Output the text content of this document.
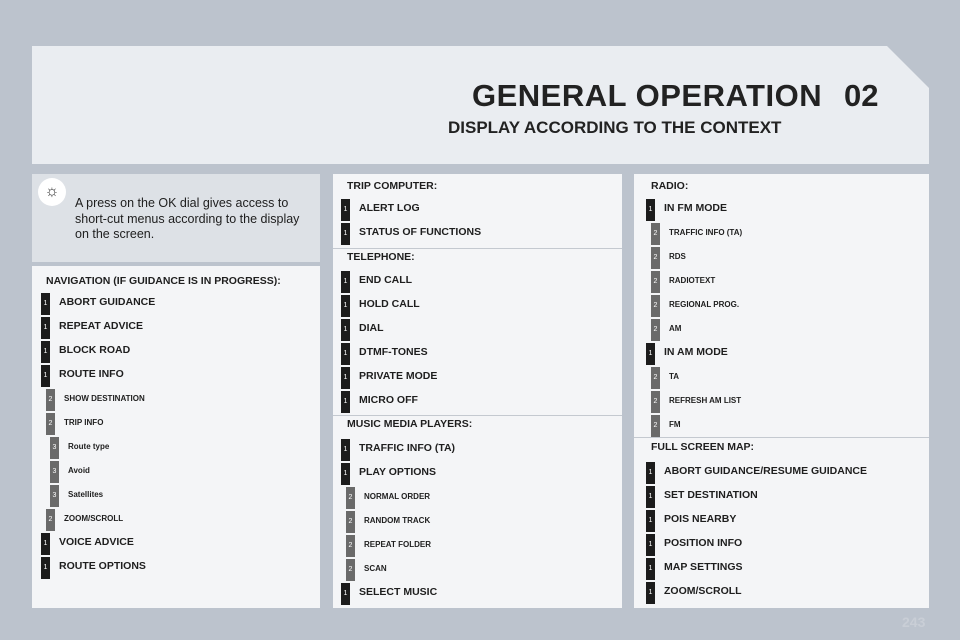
GENERAL OPERATION 02
DISPLAY ACCORDING TO THE CONTEXT
☼
A press on the OK dial gives access to short-cut menus according to the display on the screen.
NAVIGATION (IF GUIDANCE IS IN PROGRESS):
1 ABORT GUIDANCE
1 REPEAT ADVICE
1 BLOCK ROAD
1 ROUTE INFO
2	SHOW DESTINATION
2	TRIP INFO
3	Route type
3	Avoid
3	Satellites
2	ZOOM/SCROLL
1 VOICE ADVICE
1 ROUTE OPTIONS
TRIP COMPUTER:
1 ALERT LOG
1 STATUS OF FUNCTIONS
TELEPHONE:
1 END CALL
1 HOLD CALL
1 DIAL
1 DTMF-TONES
1 PRIVATE MODE
1 MICRO OFF
MUSIC MEDIA PLAYERS:
1 TRAFFIC INFO (TA)
1 PLAY OPTIONS
2	NORMAL ORDER
2	RANDOM TRACK
2	REPEAT FOLDER
2	SCAN
1 SELECT MUSIC
RADIO:
1 IN FM MODE
2	TRAFFIC INFO (TA)
2	RDS
2	RADIOTEXT
2	REGIONAL PROG.
2	AM
1 IN AM MODE
2	TA
2	REFRESH AM LIST
2	FM
FULL SCREEN MAP:
1 ABORT GUIDANCE/RESUME GUIDANCE
1 SET DESTINATION
1 POIS NEARBY
1 POSITION INFO
1 MAP SETTINGS
1 ZOOM/SCROLL
243
